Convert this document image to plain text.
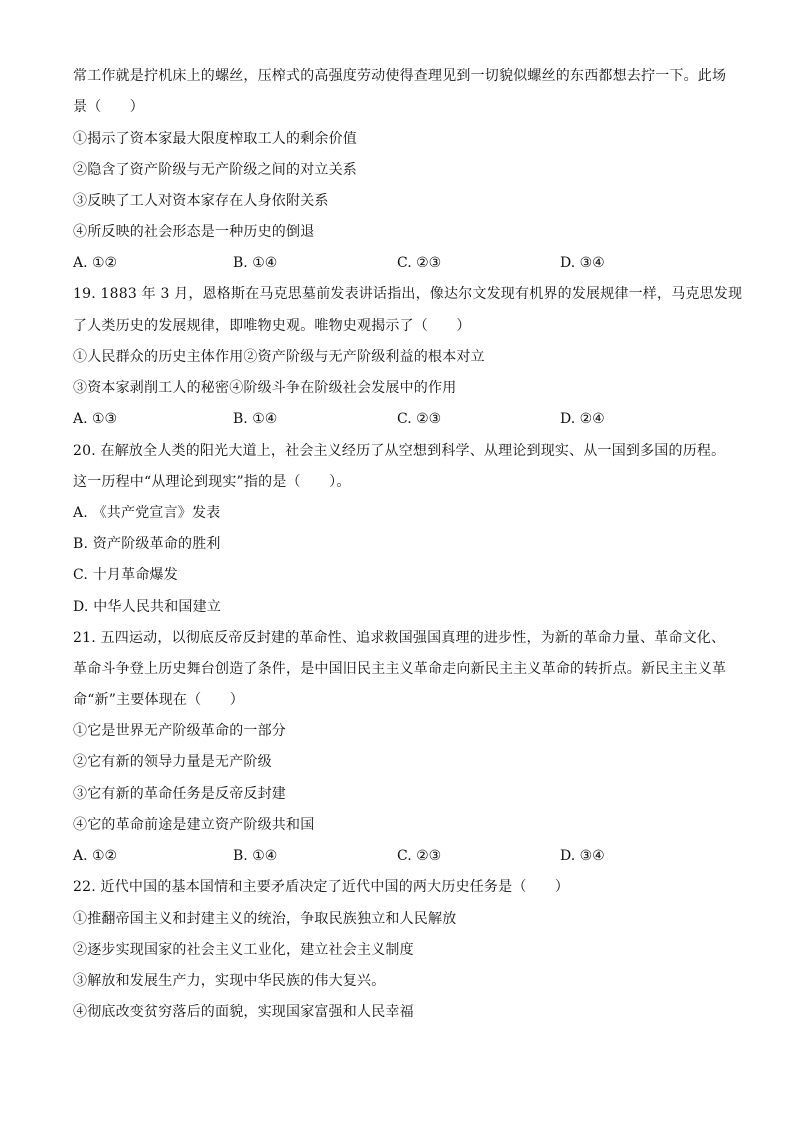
常工作就是拧机床上的螺丝，压榨式的高强度劳动使得查理见到一切貌似螺丝的东西都想去拧一下。此场
景（　　）
①揭示了资本家最大限度榨取工人的剩余价值
②隐含了资产阶级与无产阶级之间的对立关系
③反映了工人对资本家存在人身依附关系
④所反映的社会形态是一种历史的倒退
A. ①②	B. ①④	C. ②③	D. ③④
19. 1883 年 3 月，恩格斯在马克思墓前发表讲话指出，像达尔文发现有机界的发展规律一样，马克思发现
了人类历史的发展规律，即唯物史观。唯物史观揭示了（　　）
①人民群众的历史主体作用②资产阶级与无产阶级利益的根本对立
③资本家剥削工人的秘密④阶级斗争在阶级社会发展中的作用
A. ①③	B. ①④	C. ②③	D. ②④
20. 在解放全人类的阳光大道上，社会主义经历了从空想到科学、从理论到现实、从一国到多国的历程。
这一历程中“从理论到现实”指的是（　　）。
A. 《共产党宣言》发表
B. 资产阶级革命的胜利
C. 十月革命爆发
D. 中华人民共和国建立
21. 五四运动，以彻底反帝反封建的革命性、追求救国强国真理的进步性，为新的革命力量、革命文化、
革命斗争登上历史舞台创造了条件，是中国旧民主主义革命走向新民主主义革命的转折点。新民主主义革
命“新”主要体现在（　　）
①它是世界无产阶级革命的一部分
②它有新的领导力量是无产阶级
③它有新的革命任务是反帝反封建
④它的革命前途是建立资产阶级共和国
A. ①②	B. ①④	C. ②③	D. ③④
22. 近代中国的基本国情和主要矛盾决定了近代中国的两大历史任务是（　　）
①推翻帝国主义和封建主义的统治，争取民族独立和人民解放
②逐步实现国家的社会主义工业化，建立社会主义制度
③解放和发展生产力，实现中华民族的伟大复兴。
④彻底改变贫穷落后的面貌，实现国家富强和人民幸福
